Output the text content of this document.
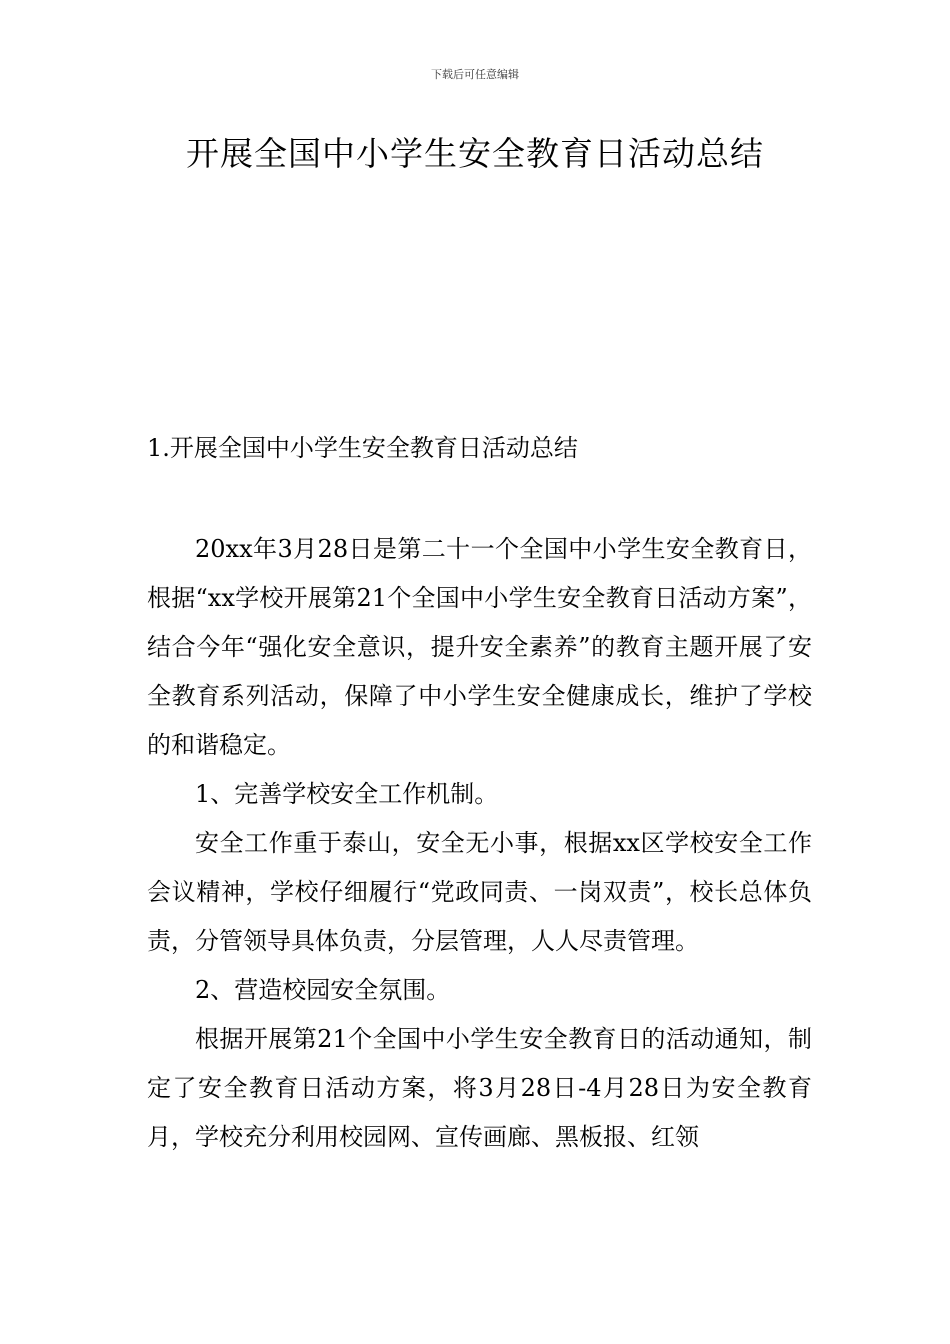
下载后可任意编辑
开展全国中小学生安全教育日活动总结
1.开展全国中小学生安全教育日活动总结

20xx年3月28日是第二十一个全国中小学生安全教育日，根据“xx学校开展第21个全国中小学生安全教育日活动方案”，结合今年“强化安全意识，提升安全素养”的教育主题开展了安全教育系列活动，保障了中小学生安全健康成长，维护了学校的和谐稳定。

1、完善学校安全工作机制。

安全工作重于泰山，安全无小事，根据xx区学校安全工作会议精神，学校仔细履行“党政同责、一岗双责”，校长总体负责，分管领导具体负责，分层管理，人人尽责管理。

2、营造校园安全氛围。

根据开展第21个全国中小学生安全教育日的活动通知，制定了安全教育日活动方案，将3月28日-4月28日为安全教育月，学校充分利用校园网、宣传画廊、黑板报、红领
